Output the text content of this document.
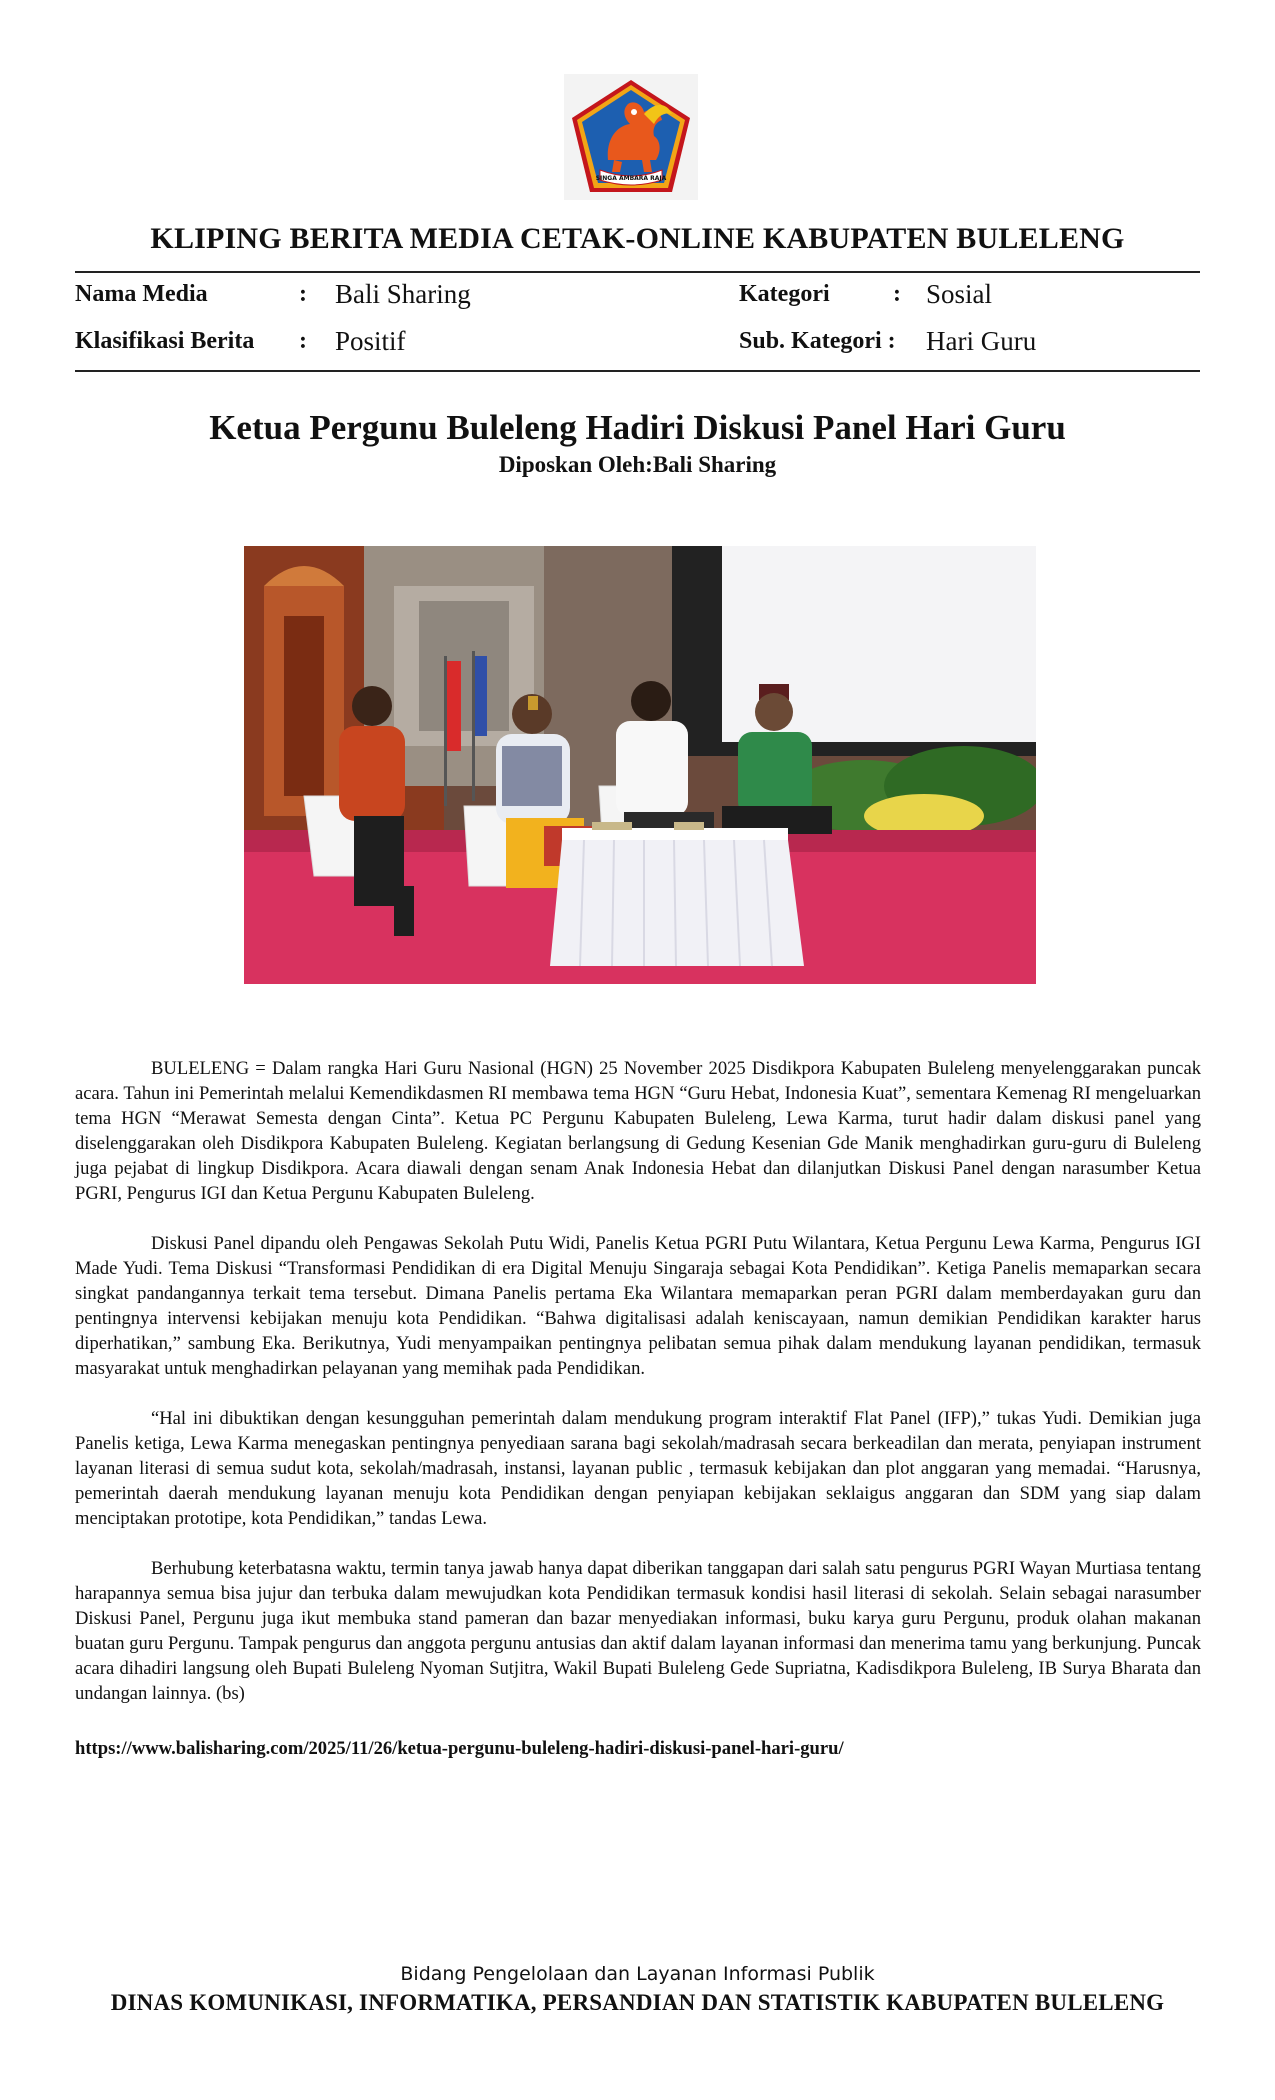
SINGA AMBARA RAJA
KLIPING BERITA MEDIA CETAK-ONLINE KABUPATEN BULELENG
Nama Media	: Bali Sharing	Kategori	: Sosial
Klasifikasi Berita : Positif	Sub. Kategori : Hari Guru
Ketua Pergunu Buleleng Hadiri Diskusi Panel Hari Guru
Diposkan Oleh:Bali Sharing

BULELENG = Dalam rangka Hari Guru Nasional (HGN) 25 November 2025 Disdikpora Kabupaten Buleleng menyelenggarakan puncak acara. Tahun ini Pemerintah melalui Kemendikdasmen RI membawa tema HGN “Guru Hebat, Indonesia Kuat”, sementara Kemenag RI mengeluarkan tema HGN “Merawat Semesta dengan Cinta”. Ketua PC Pergunu Kabupaten Buleleng, Lewa Karma, turut hadir dalam diskusi panel yang diselenggarakan oleh Disdikpora Kabupaten Buleleng. Kegiatan berlangsung di Gedung Kesenian Gde Manik menghadirkan guru-guru di Buleleng juga pejabat di lingkup Disdikpora. Acara diawali dengan senam Anak Indonesia Hebat dan dilanjutkan Diskusi Panel dengan narasumber Ketua PGRI, Pengurus IGI dan Ketua Pergunu Kabupaten Buleleng.

Diskusi Panel dipandu oleh Pengawas Sekolah Putu Widi, Panelis Ketua PGRI Putu Wilantara, Ketua Pergunu Lewa Karma, Pengurus IGI Made Yudi. Tema Diskusi “Transformasi Pendidikan di era Digital Menuju Singaraja sebagai Kota Pendidikan”. Ketiga Panelis memaparkan secara singkat pandangannya terkait tema tersebut. Dimana Panelis pertama Eka Wilantara memaparkan peran PGRI dalam memberdayakan guru dan pentingnya intervensi kebijakan menuju kota Pendidikan. “Bahwa digitalisasi adalah keniscayaan, namun demikian Pendidikan karakter harus diperhatikan,” sambung Eka. Berikutnya, Yudi menyampaikan pentingnya pelibatan semua pihak dalam mendukung layanan pendidikan, termasuk masyarakat untuk menghadirkan pelayanan yang memihak pada Pendidikan.

“Hal ini dibuktikan dengan kesungguhan pemerintah dalam mendukung program interaktif Flat Panel (IFP),” tukas Yudi. Demikian juga Panelis ketiga, Lewa Karma menegaskan pentingnya penyediaan sarana bagi sekolah/madrasah secara berkeadilan dan merata, penyiapan instrument layanan literasi di semua sudut kota, sekolah/madrasah, instansi, layanan public , termasuk kebijakan dan plot anggaran yang memadai. “Harusnya, pemerintah daerah mendukung layanan menuju kota Pendidikan dengan penyiapan kebijakan seklaigus anggaran dan SDM yang siap dalam menciptakan prototipe, kota Pendidikan,” tandas Lewa.

Berhubung keterbatasna waktu, termin tanya jawab hanya dapat diberikan tanggapan dari salah satu pengurus PGRI Wayan Murtiasa tentang harapannya semua bisa jujur dan terbuka dalam mewujudkan kota Pendidikan termasuk kondisi hasil literasi di sekolah. Selain sebagai narasumber Diskusi Panel, Pergunu juga ikut membuka stand pameran dan bazar menyediakan informasi, buku karya guru Pergunu, produk olahan makanan buatan guru Pergunu. Tampak pengurus dan anggota pergunu antusias dan aktif dalam layanan informasi dan menerima tamu yang berkunjung. Puncak acara dihadiri langsung oleh Bupati Buleleng Nyoman Sutjitra, Wakil Bupati Buleleng Gede Supriatna, Kadisdikpora Buleleng, IB Surya Bharata dan undangan lainnya. (bs)

https://www.balisharing.com/2025/11/26/ketua-pergunu-buleleng-hadiri-diskusi-panel-hari-guru/
Bidang Pengelolaan dan Layanan Informasi Publik
DINAS KOMUNIKASI, INFORMATIKA, PERSANDIAN DAN STATISTIK KABUPATEN BULELENG
